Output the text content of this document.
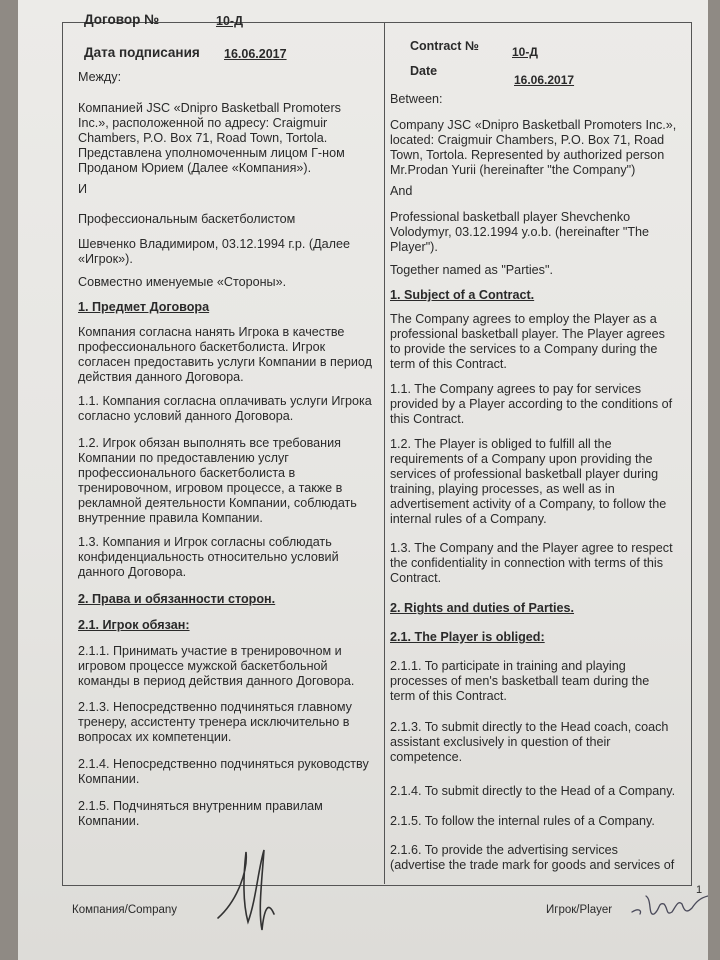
Договор №	10-Д
Дата подписания 16.06.2017
Contract №	10-Д
Date
16.06.2017
Между:
Компанией JSC «Dnipro Basketball Promoters
Inc.», расположенной по адресу: Craigmuir
Chambers, P.O. Box 71, Road Town, Tortola.
Представлена уполномоченным лицом Г-ном
Проданом Юрием (Далее «Компания»).
И
Профессиональным баскетболистом
Шевченко Владимиром, 03.12.1994 г.р. (Далее
«Игрок»).
Совместно именуемые «Стороны».
1. Предмет Договора
Компания согласна нанять Игрока в качестве
профессионального баскетболиста. Игрок
согласен предоставить услуги Компании в период
действия данного Договора.
1.1. Компания согласна оплачивать услуги Игрока
согласно условий данного Договора.
1.2. Игрок обязан выполнять все требования
Компании по предоставлению услуг
профессионального баскетболиста в
тренировочном, игровом процессе, а также в
рекламной деятельности Компании, соблюдать
внутренние правила Компании.
1.3. Компания и Игрок согласны соблюдать
конфиденциальность относительно условий
данного Договора.
2. Права и обязанности сторон.
2.1. Игрок обязан:
2.1.1. Принимать участие в тренировочном и
игровом процессе мужской баскетбольной
команды в период действия данного Договора.
2.1.3. Непосредственно подчиняться главному
тренеру, ассистенту тренера исключительно в
вопросах их компетенции.
2.1.4. Непосредственно подчиняться руководству
Компании.
2.1.5. Подчиняться внутренним правилам
Компании.
Between:
Company JSC «Dnipro Basketball Promoters Inc.»,
located: Craigmuir Chambers, P.O. Box 71, Road
Town, Tortola. Represented by authorized person
Mr.Prodan Yurii (hereinafter "the Company")
And
Professional basketball player Shevchenko
Volodymyr, 03.12.1994 y.o.b. (hereinafter "The
Player").
Together named as "Parties".
1. Subject of a Contract.
The Company agrees to employ the Player as a
professional basketball player. The Player agrees
to provide the services to a Company during the
term of this Contract.
1.1. The Company agrees to pay for services
provided by a Player according to the conditions of
this Contract.
1.2. The Player is obliged to fulfill all the
requirements of a Company upon providing the
services of professional basketball player during
training, playing processes, as well as in
advertisement activity of a Company, to follow the
internal rules of a Company.
1.3. The Company and the Player agree to respect
the confidentiality in connection with terms of this
Contract.
2. Rights and duties of Parties.
2.1. The Player is obliged:
2.1.1. To participate in training and playing
processes of men's basketball team during the
term of this Contract.
2.1.3. To submit directly to the Head coach, coach
assistant exclusively in question of their
competence.
2.1.4. To submit directly to the Head of a Company.
2.1.5. To follow the internal rules of a Company.
2.1.6. To provide the advertising services
(advertise the trade mark for goods and services of
1
Компания/Company	Игрок/Player
